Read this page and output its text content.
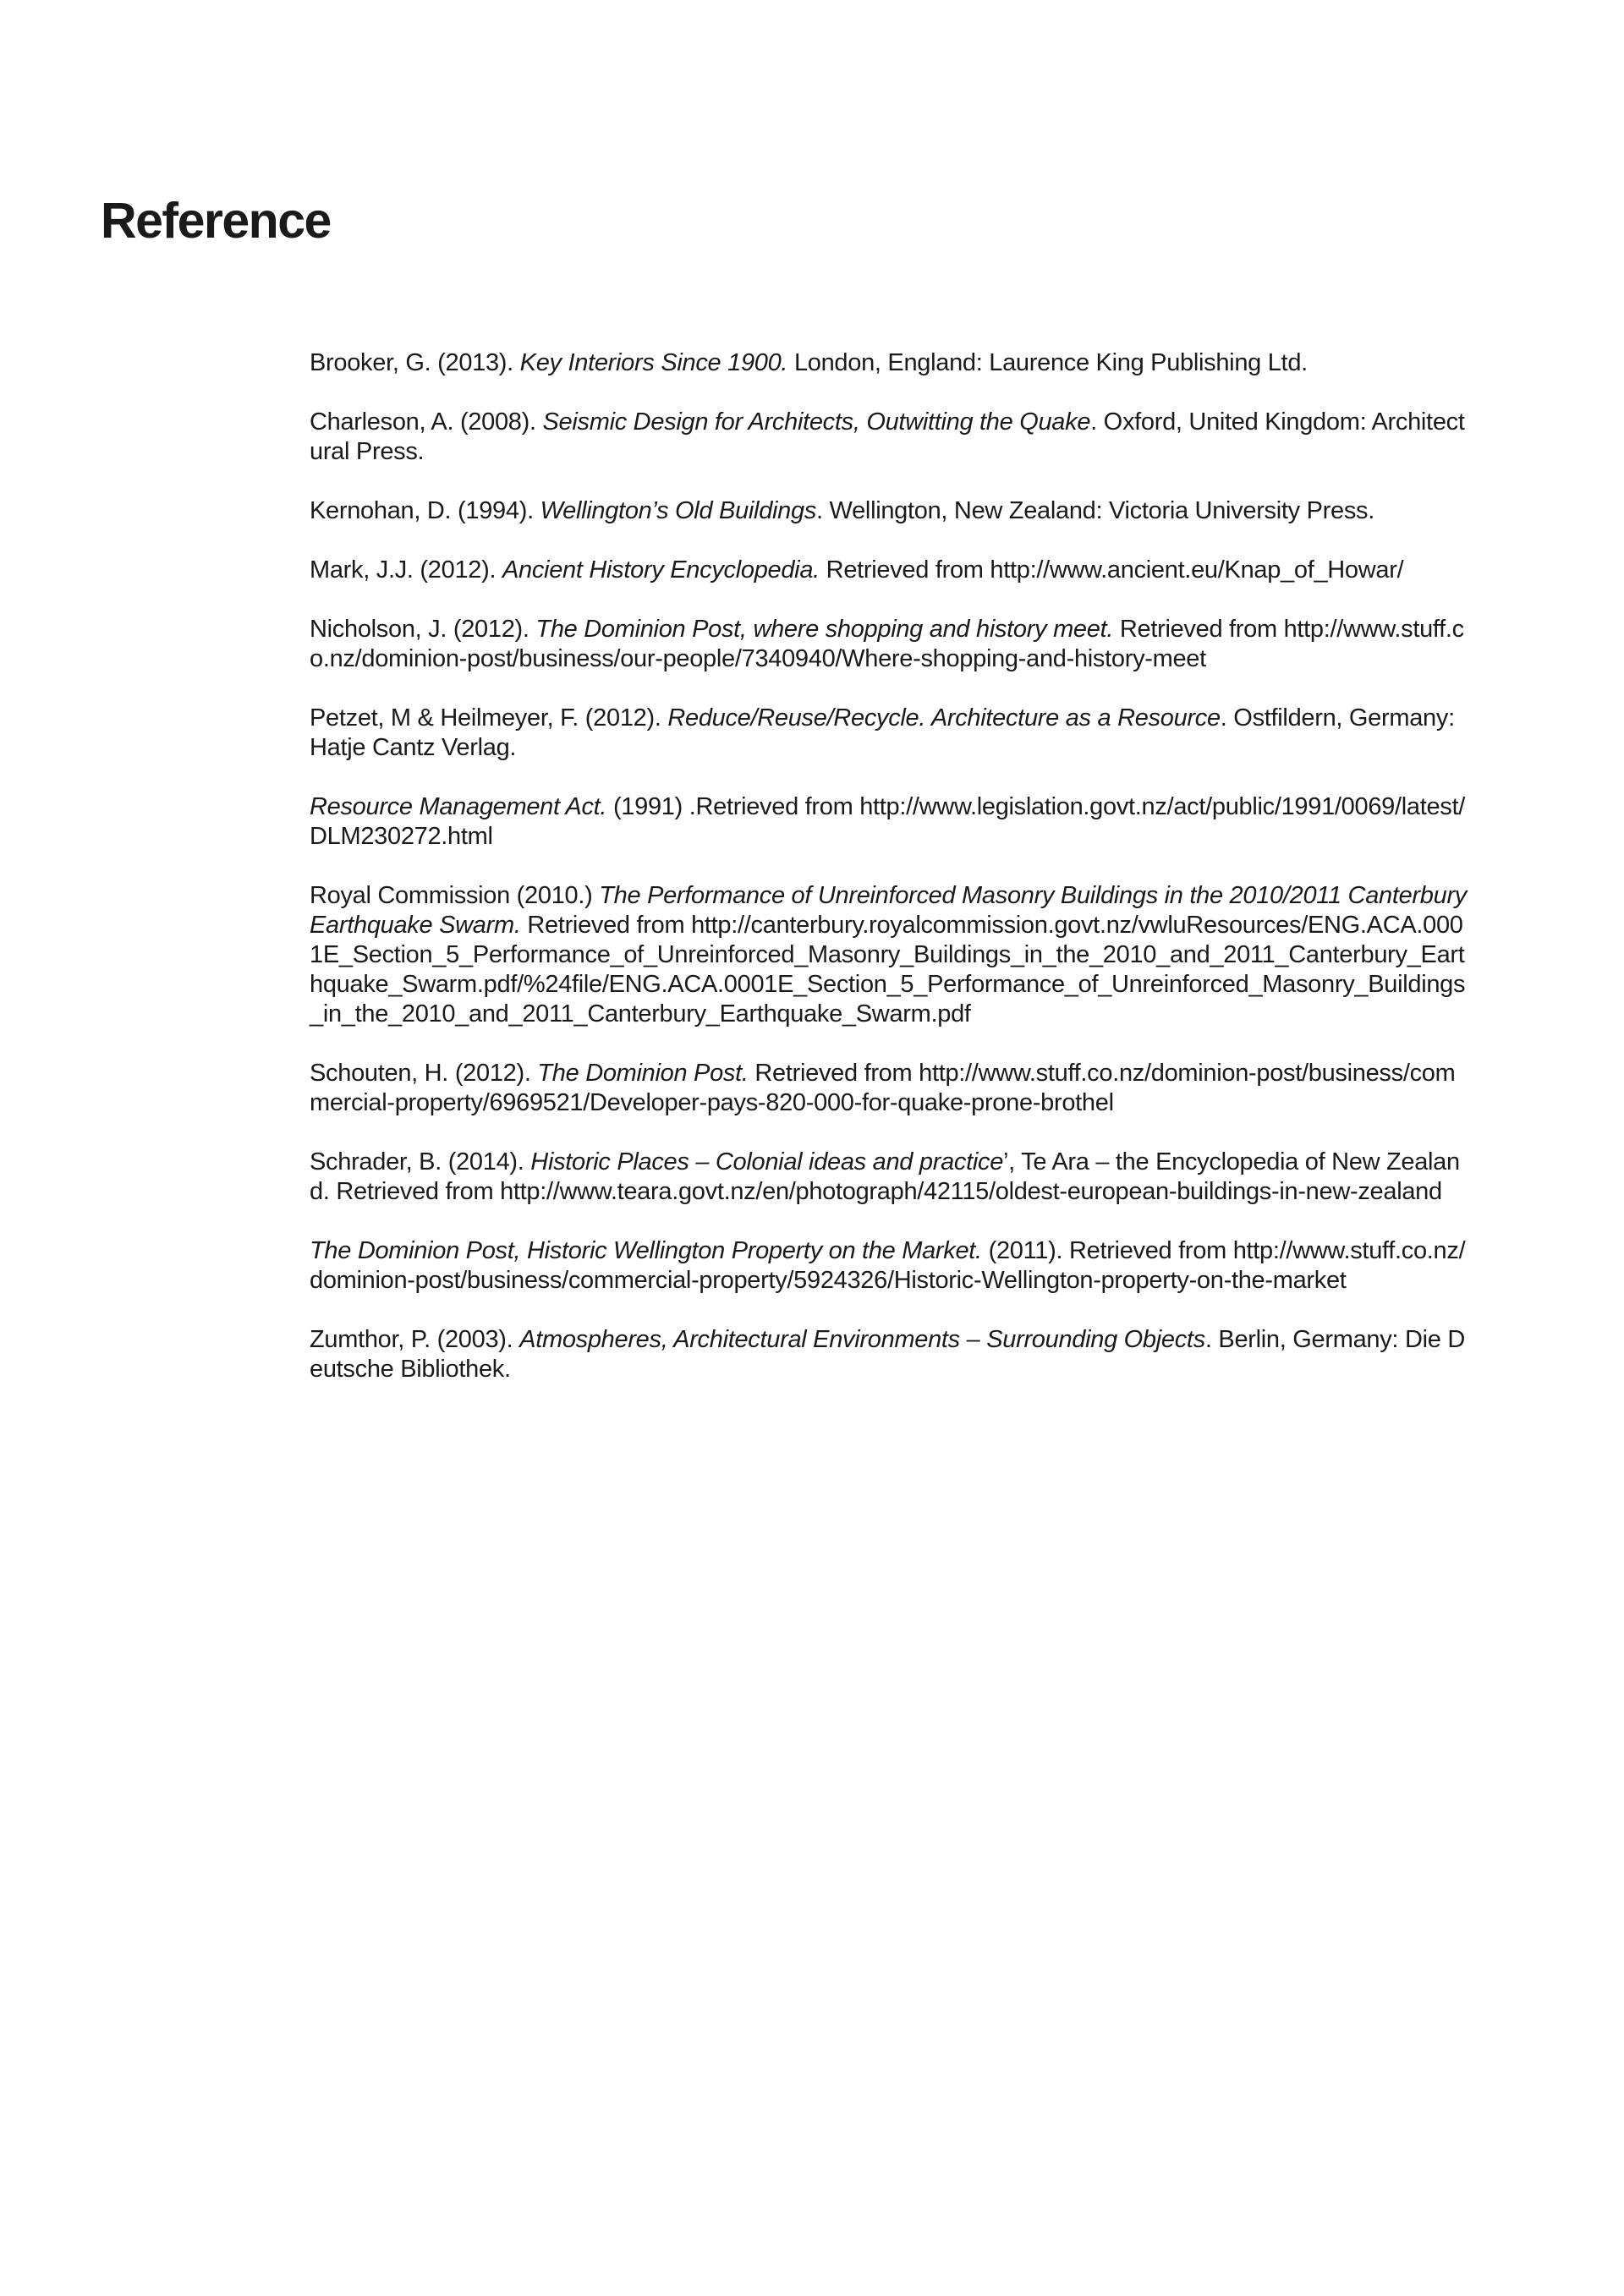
Reference
Brooker, G. (2013). Key Interiors Since 1900. London, England: Laurence King Publishing Ltd.
Charleson, A. (2008). Seismic Design for Architects, Outwitting the Quake. Oxford, United Kingdom: Architectural Press.
Kernohan, D. (1994). Wellington’s Old Buildings. Wellington, New Zealand: Victoria University Press.
Mark, J.J. (2012). Ancient History Encyclopedia. Retrieved from http://www.ancient.eu/Knap_of_Howar/
Nicholson, J. (2012). The Dominion Post, where shopping and history meet. Retrieved from http://www.stuff.co.nz/dominion-post/business/our-people/7340940/Where-shopping-and-history-meet
Petzet, M & Heilmeyer, F. (2012). Reduce/Reuse/Recycle. Architecture as a Resource. Ostfildern, Germany: Hatje Cantz Verlag.
Resource Management Act. (1991) .Retrieved from http://www.legislation.govt.nz/act/public/1991/0069/latest/DLM230272.html
Royal Commission (2010.) The Performance of Unreinforced Masonry Buildings in the 2010/2011 Canterbury Earthquake Swarm. Retrieved from http://canterbury.royalcommission.govt.nz/vwluResources/ENG.ACA.0001E_Section_5_Performance_of_Unreinforced_Masonry_Buildings_in_the_2010_and_2011_Canterbury_Earthquake_Swarm.pdf/%24file/ENG.ACA.0001E_Section_5_Performance_of_Unreinforced_Masonry_Buildings_in_the_2010_and_2011_Canterbury_Earthquake_Swarm.pdf
Schouten, H. (2012). The Dominion Post. Retrieved from http://www.stuff.co.nz/dominion-post/business/commercial-property/6969521/Developer-pays-820-000-for-quake-prone-brothel
Schrader, B. (2014). Historic Places – Colonial ideas and practice’, Te Ara – the Encyclopedia of New Zealand. Retrieved from http://www.teara.govt.nz/en/photograph/42115/oldest-european-buildings-in-new-zealand
The Dominion Post, Historic Wellington Property on the Market. (2011). Retrieved from http://www.stuff.co.nz/dominion-post/business/commercial-property/5924326/Historic-Wellington-property-on-the-market
Zumthor, P. (2003). Atmospheres, Architectural Environments – Surrounding Objects. Berlin, Germany: Die Deutsche Bibliothek.
